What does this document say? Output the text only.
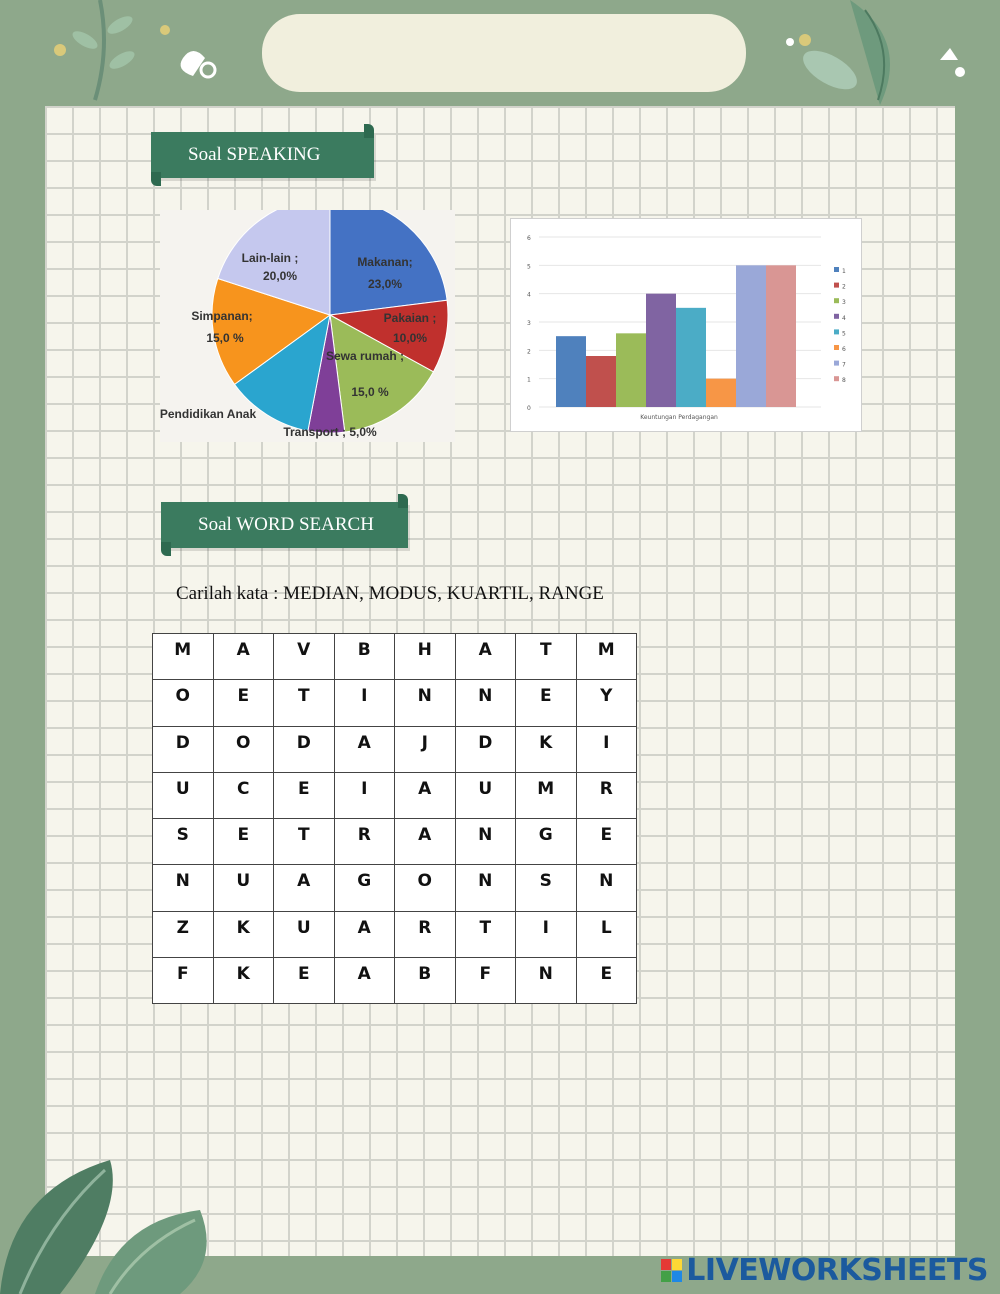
Soal SPEAKING
Makanan;
23,0%
Pakaian ;
10,0%
Sewa rumah ;
15,0 %
Transport ; 5,0%
Pendidikan Anak
Simpanan;
15,0 %
Lain-lain ;
20,0%
0
1
2
3
4
5
6
1
2
3
4
5
6
7
8
Keuntungan Perdagangan
Soal WORD SEARCH
Carilah kata : MEDIAN, MODUS, KUARTIL, RANGE
M	A	V	B	H	A	T	M
O	E	T	I	N	N	E	Y
D	O	D	A	J	D	K	I
U	C	E	I	A	U	M	R
S	E	T	R	A	N	G	E
N	U	A	G	O	N	S	N
Z	K	U	A	R	T	I	L
F	K	E	A	B	F	N	E
LIVEWORKSHEETS
